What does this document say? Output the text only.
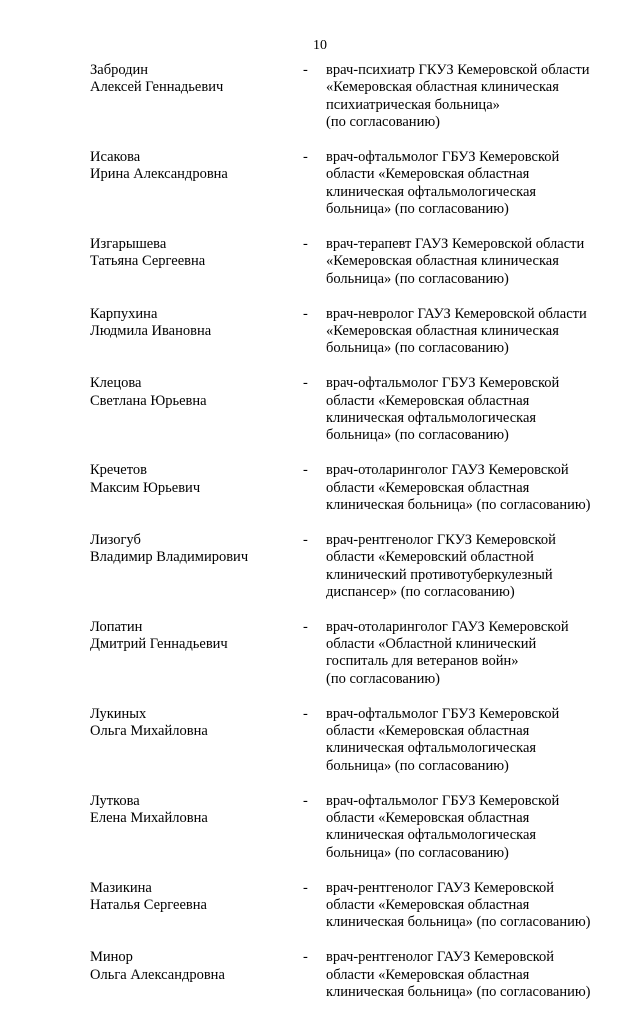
10
Забродин
Алексей Геннадьевич
- врач-психиатр ГКУЗ Кемеровской области
«Кемеровская областная клиническая
психиатрическая больница»
(по согласованию)
Исакова
Ирина Александровна
- врач-офтальмолог ГБУЗ Кемеровской
области «Кемеровская областная
клиническая офтальмологическая
больница» (по согласованию)
Изгарышева
Татьяна Сергеевна
- врач-терапевт ГАУЗ Кемеровской области
«Кемеровская областная клиническая
больница» (по согласованию)
Карпухина
Людмила Ивановна
- врач-невролог ГАУЗ Кемеровской области
«Кемеровская областная клиническая
больница» (по согласованию)
Клецова
Светлана Юрьевна
- врач-офтальмолог ГБУЗ Кемеровской
области «Кемеровская областная
клиническая офтальмологическая
больница» (по согласованию)
Кречетов
Максим Юрьевич
- врач-отоларинголог ГАУЗ Кемеровской
области «Кемеровская областная
клиническая больница» (по согласованию)
Лизогуб
Владимир Владимирович
- врач-рентгенолог ГКУЗ Кемеровской
области «Кемеровский областной
клинический противотуберкулезный
диспансер» (по согласованию)
Лопатин
Дмитрий Геннадьевич
- врач-отоларинголог ГАУЗ Кемеровской
области «Областной клинический
госпиталь для ветеранов войн»
(по согласованию)
Лукиных
Ольга Михайловна
- врач-офтальмолог ГБУЗ Кемеровской
области «Кемеровская областная
клиническая офтальмологическая
больница» (по согласованию)
Луткова
Елена Михайловна
- врач-офтальмолог ГБУЗ Кемеровской
области «Кемеровская областная
клиническая офтальмологическая
больница» (по согласованию)
Мазикина
Наталья Сергеевна
- врач-рентгенолог ГАУЗ Кемеровской
области «Кемеровская областная
клиническая больница» (по согласованию)
Минор
Ольга Александровна
- врач-рентгенолог ГАУЗ Кемеровской
области «Кемеровская областная
клиническая больница» (по согласованию)
